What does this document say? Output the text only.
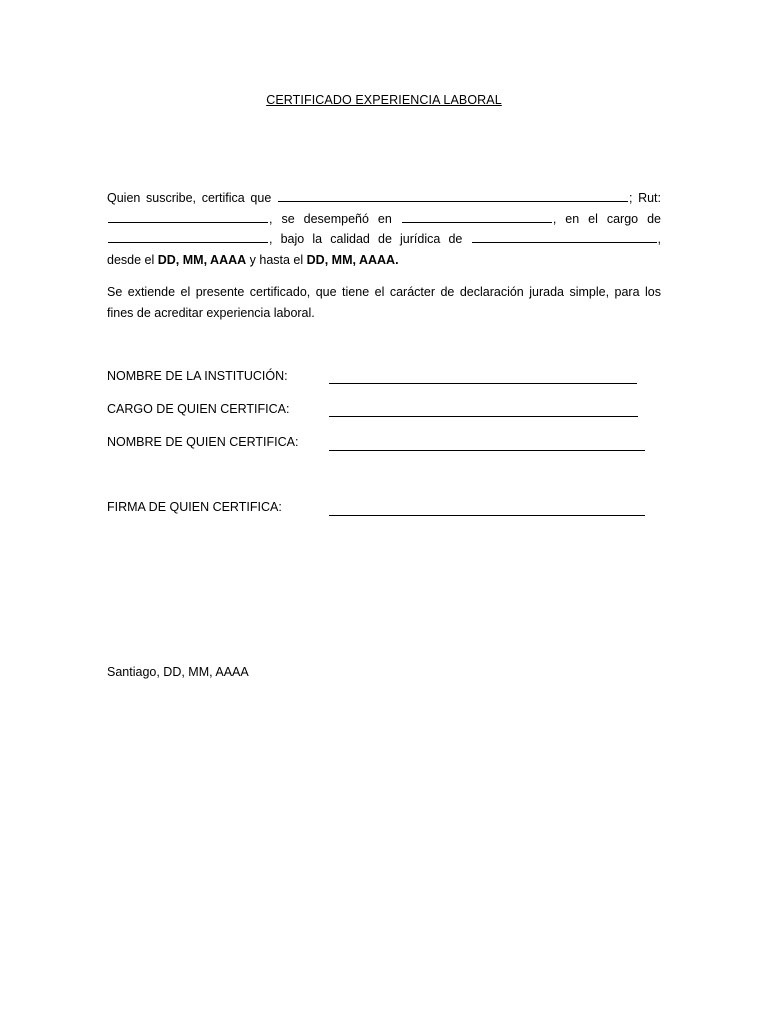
CERTIFICADO EXPERIENCIA LABORAL
Quien suscribe, certifica que	; Rut: , se desempeñó en	, en el cargo de , bajo la calidad de jurídica de	, desde el DD, MM, AAAA y hasta el DD, MM, AAAA.
Se extiende el presente certificado, que tiene el carácter de declaración jurada simple, para los fines de acreditar experiencia laboral.
NOMBRE DE LA INSTITUCIÓN:
CARGO DE QUIEN CERTIFICA:
NOMBRE DE QUIEN CERTIFICA:
FIRMA DE QUIEN CERTIFICA:
Santiago, DD, MM, AAAA
